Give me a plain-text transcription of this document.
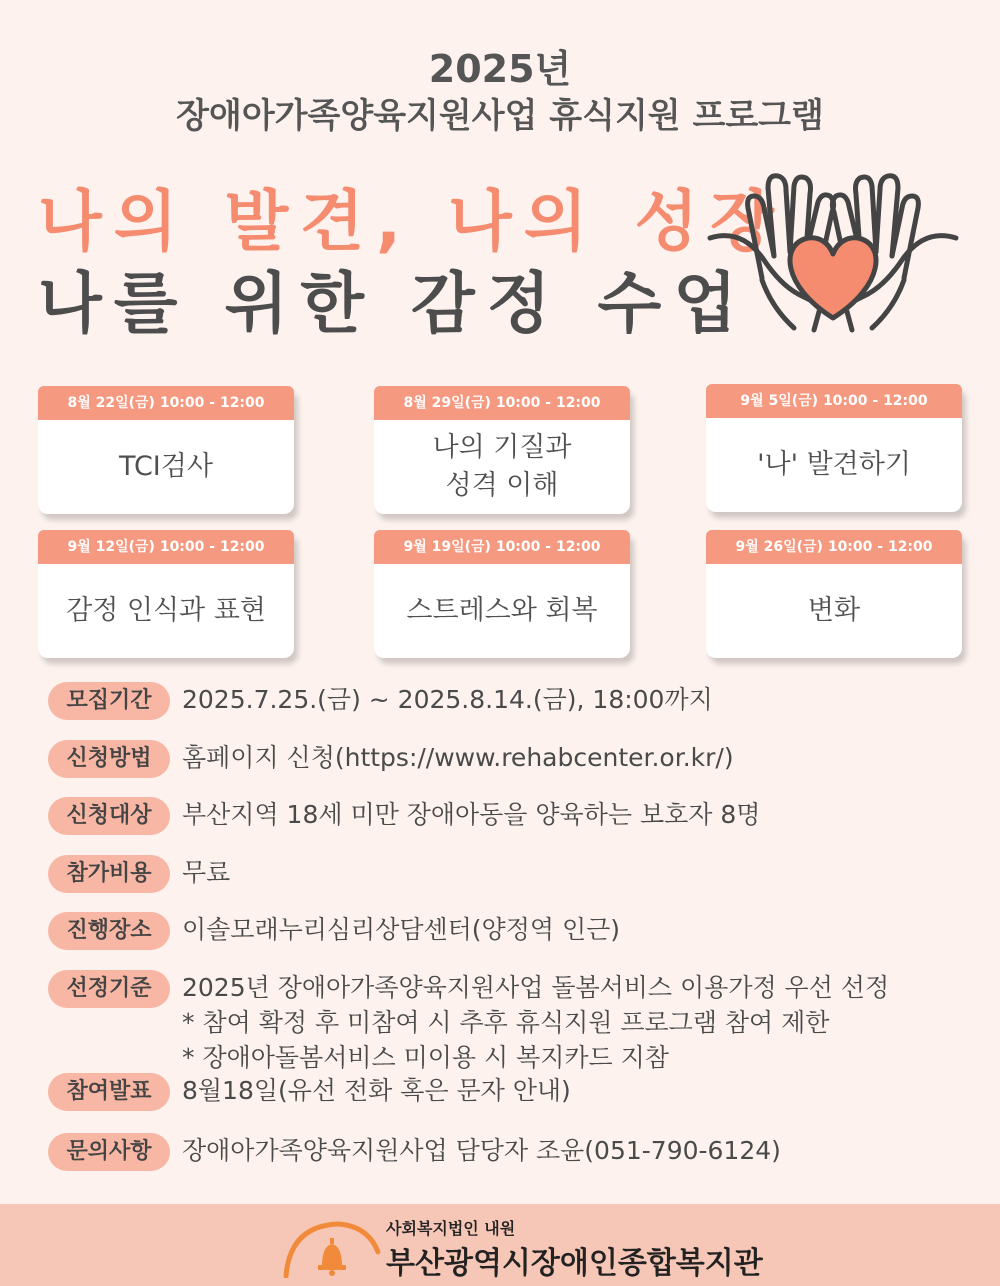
2025년
장애아가족양육지원사업 휴식지원 프로그램
나의 발견, 나의 성장
나를 위한 감정 수업
8월 22일(금) 10:00 - 12:00
TCI검사
8월 29일(금) 10:00 - 12:00
나의 기질과
성격 이해
9월 5일(금) 10:00 - 12:00
'나' 발견하기
9월 12일(금) 10:00 - 12:00
감정 인식과 표현
9월 19일(금) 10:00 - 12:00
스트레스와 회복
9월 26일(금) 10:00 - 12:00
변화
모집기간	2025.7.25.(금) ~ 2025.8.14.(금), 18:00까지
신청방법	홈페이지 신청(https://www.rehabcenter.or.kr/)
신청대상	부산지역 18세 미만 장애아동을 양육하는 보호자 8명
참가비용	무료
진행장소	이솔모래누리심리상담센터(양정역 인근)
선정기준	2025년 장애아가족양육지원사업 돌봄서비스 이용가정 우선 선정
* 참여 확정 후 미참여 시 추후 휴식지원 프로그램 참여 제한
* 장애아돌봄서비스 미이용 시 복지카드 지참
참여발표	8월18일(유선 전화 혹은 문자 안내)
문의사항	장애아가족양육지원사업 담당자 조윤(051-790-6124)
사회복지법인 내원
부산광역시장애인종합복지관
